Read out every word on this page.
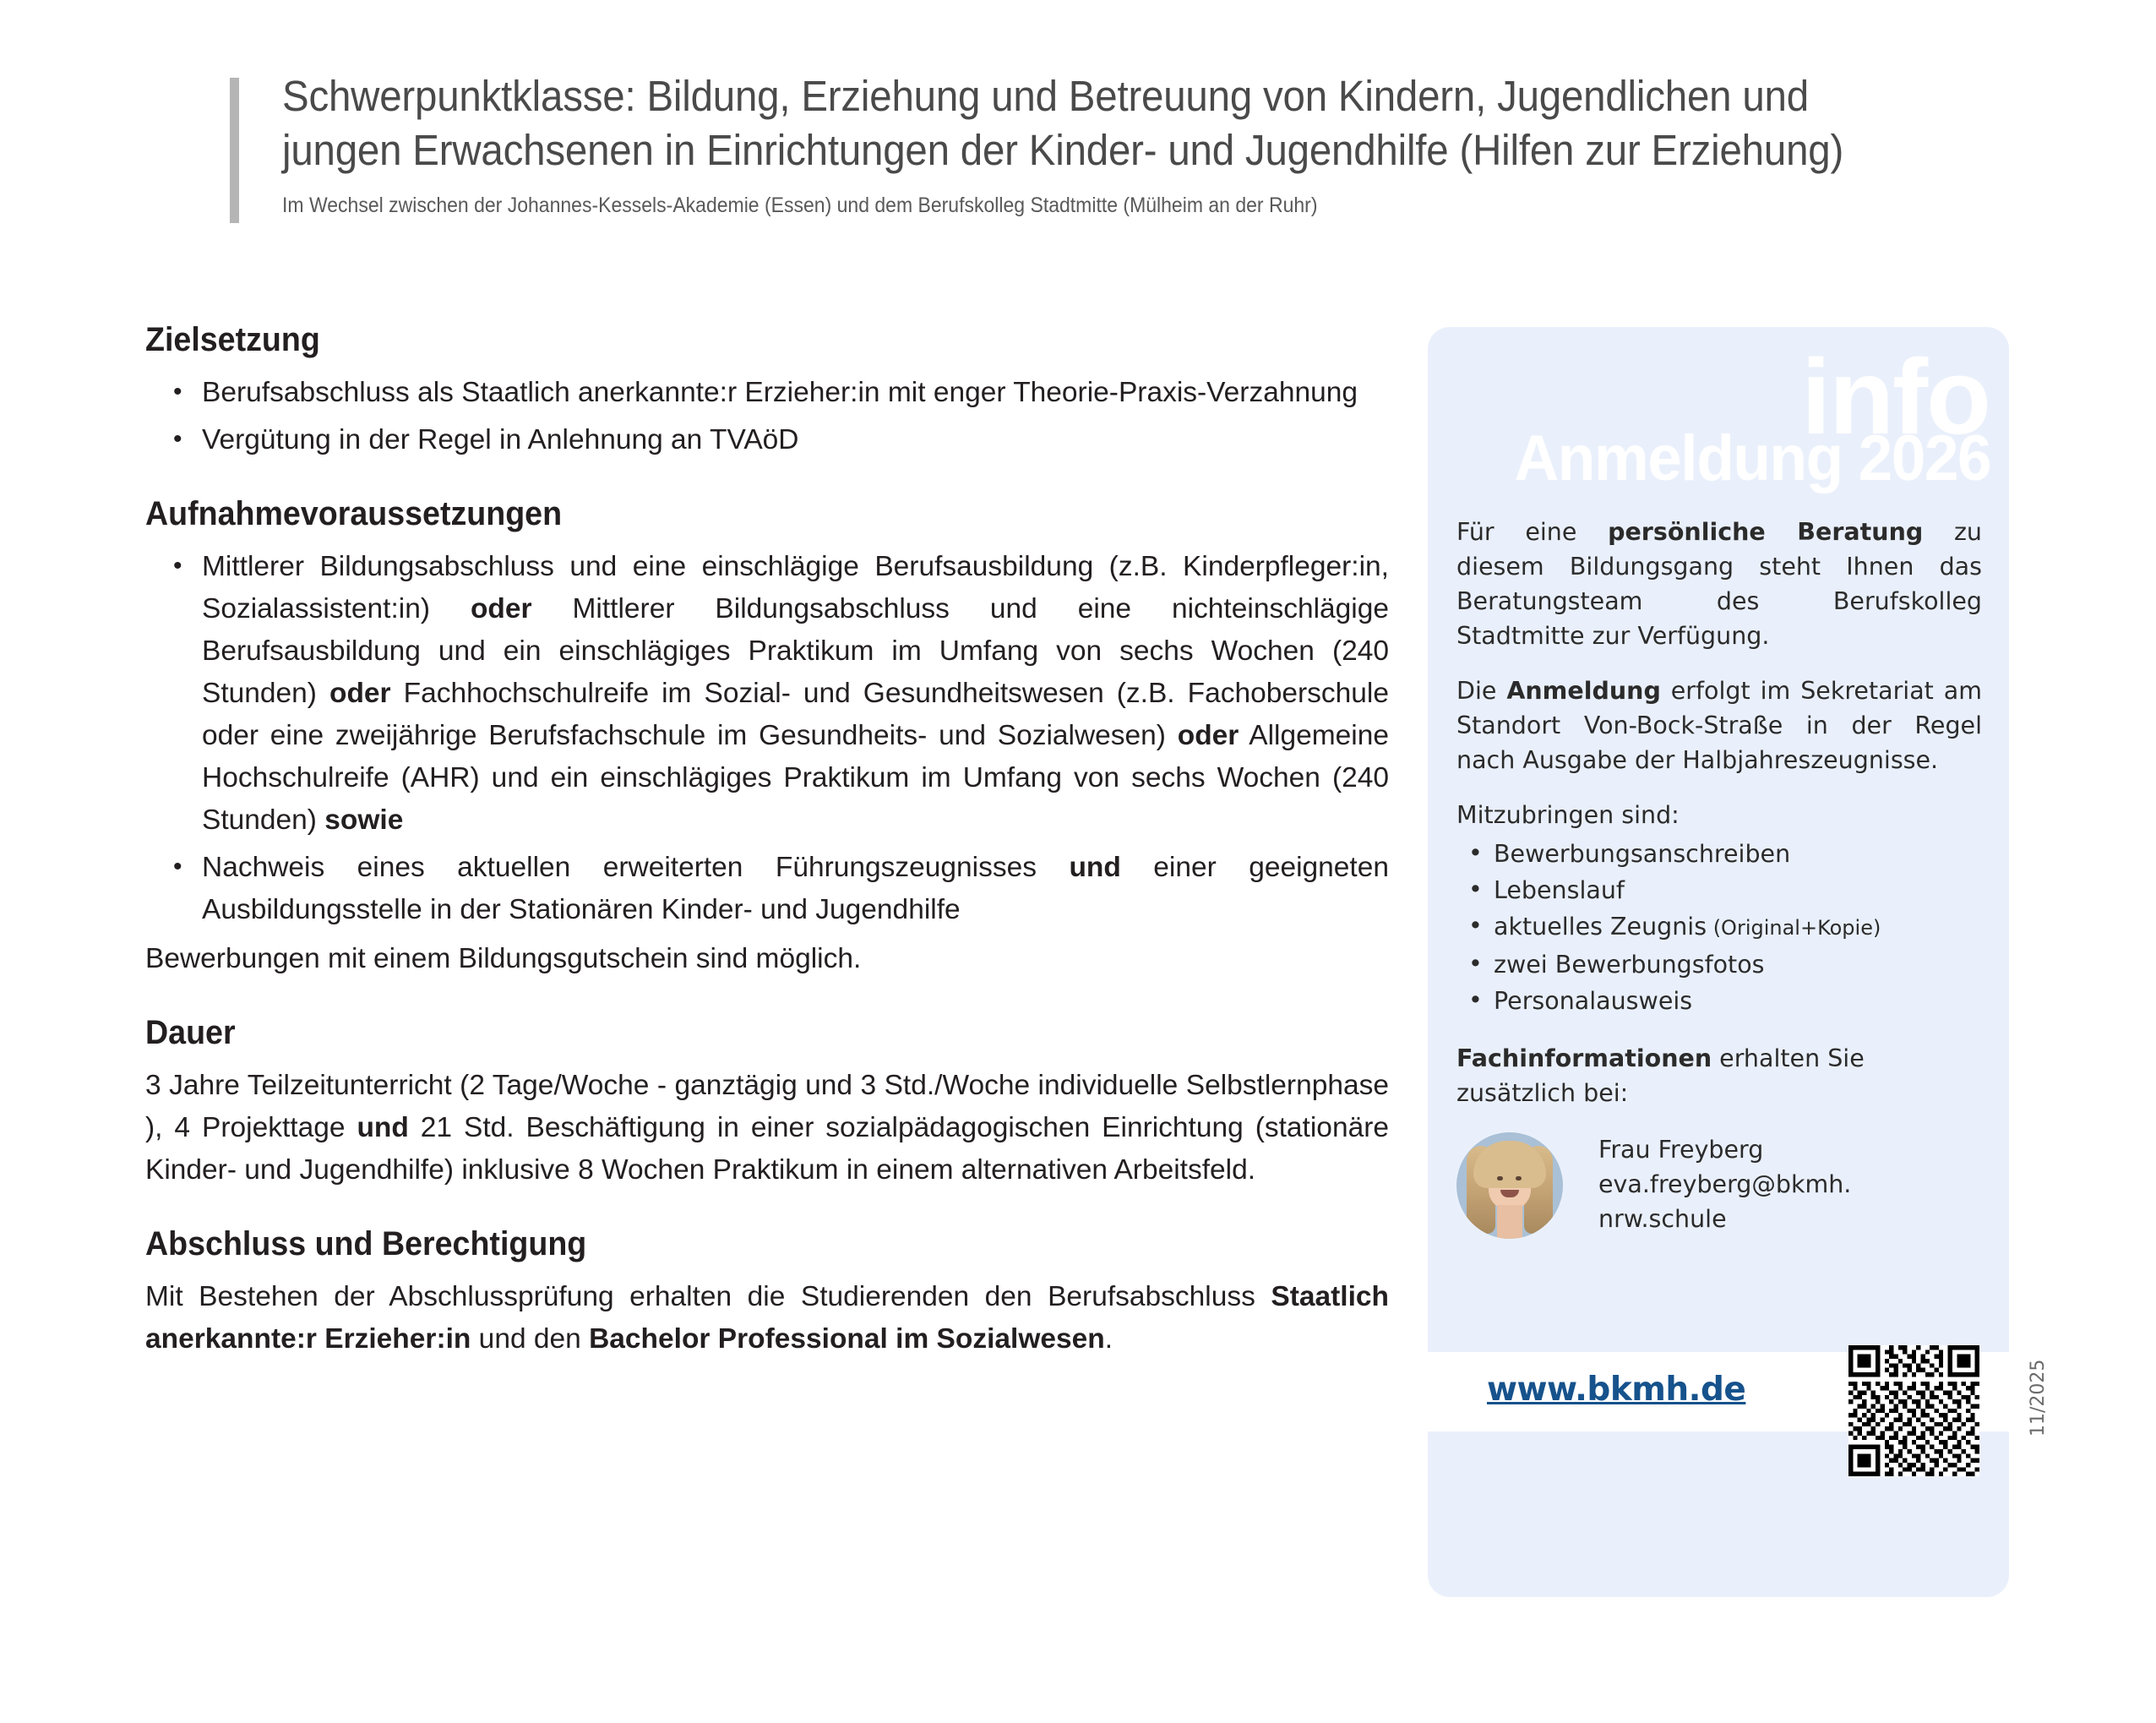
Schwerpunktklasse: Bildung, Erziehung und Betreuung von Kindern, Jugendlichen und
jungen Erwachsenen in Einrichtungen der Kinder- und Jugendhilfe (Hilfen zur Erziehung)
Im Wechsel zwischen der Johannes-Kessels-Akademie (Essen) und dem Berufskolleg Stadtmitte (Mülheim an der Ruhr)
Zielsetzung
• Berufsabschluss als Staatlich anerkannte:r Erzieher:in mit enger Theorie-Praxis-Verzahnung
• Vergütung in der Regel in Anlehnung an TVAöD
Aufnahmevoraussetzungen
• Mittlerer Bildungsabschluss und eine einschlägige Berufsausbildung (z.B. Kinderpfleger:in, Sozialassistent:in) oder Mittlerer Bildungsabschluss und eine nichteinschlägige Berufsausbildung und ein einschlägiges Praktikum im Umfang von sechs Wochen (240 Stunden) oder Fachhochschulreife im Sozial- und Gesundheitswesen (z.B. Fachoberschule oder eine zweijährige Berufsfachschule im Gesundheits- und Sozialwesen) oder Allgemeine Hochschulreife (AHR) und ein einschlägiges Praktikum im Umfang von sechs Wochen (240 Stunden) sowie
• Nachweis eines aktuellen erweiterten Führungszeugnisses und einer geeigneten Ausbildungsstelle in der Stationären Kinder- und Jugendhilfe

Bewerbungen mit einem Bildungsgutschein sind möglich.

Dauer

3 Jahre Teilzeitunterricht (2 Tage/Woche - ganztägig und 3 Std./Woche individuelle Selbstlernphase ), 4 Projekttage und 21 Std. Beschäftigung in einer sozialpädagogischen Einrichtung (stationäre Kinder- und Jugendhilfe) inklusive 8 Wochen Praktikum in einem alternativen Arbeitsfeld.

Abschluss und Berechtigung

Mit Bestehen der Abschlussprüfung erhalten die Studierenden den Berufsabschluss Staatlich anerkannte:r Erzieher:in und den Bachelor Professional im Sozialwesen.

info
Anmeldung 2026

Für eine persönliche Beratung zu diesem Bildungsgang steht Ihnen das Beratungsteam des Berufskolleg Stadtmitte zur Verfügung.

Die Anmeldung erfolgt im Sekretariat am Standort Von-Bock-Straße in der Regel nach Ausgabe der Halbjahreszeugnisse.

Mitzubringen sind:

• Bewerbungsanschreiben
• Lebenslauf
• aktuelles Zeugnis (Original+Kopie)
• zwei Bewerbungsfotos
• Personalausweis

Fachinformationen erhalten Sie zusätzlich bei:

Frau Freyberg
eva.freyberg@bkmh.
nrw.schule
www.bkmh.de	11/2025
